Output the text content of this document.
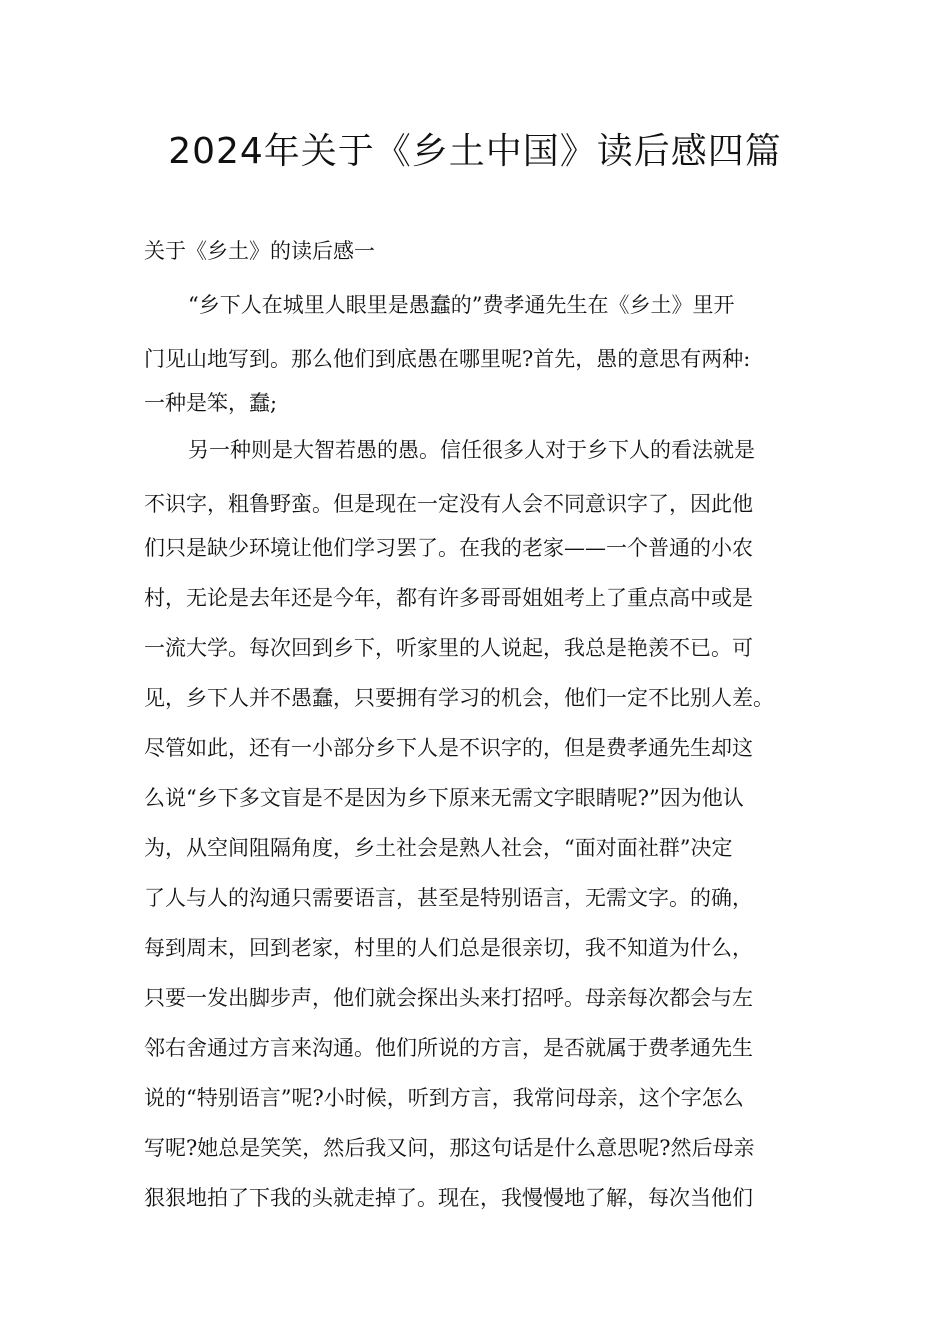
2024年关于《乡土中国》读后感四篇
关于《乡土》的读后感一
“乡下人在城里人眼里是愚蠢的”费孝通先生在《乡土》里开
门见山地写到。那么他们到底愚在哪里呢?首先，愚的意思有两种:
一种是笨，蠢;
另一种则是大智若愚的愚。信任很多人对于乡下人的看法就是
不识字，粗鲁野蛮。但是现在一定没有人会不同意识字了，因此他
们只是缺少环境让他们学习罢了。在我的老家——一个普通的小农
村，无论是去年还是今年，都有许多哥哥姐姐考上了重点高中或是
一流大学。每次回到乡下，听家里的人说起，我总是艳羡不已。可
见，乡下人并不愚蠢，只要拥有学习的机会，他们一定不比别人差。
尽管如此，还有一小部分乡下人是不识字的，但是费孝通先生却这
么说“乡下多文盲是不是因为乡下原来无需文字眼睛呢?”因为他认
为，从空间阻隔角度，乡土社会是熟人社会，“面对面社群”决定
了人与人的沟通只需要语言，甚至是特别语言，无需文字。的确，
每到周末，回到老家，村里的人们总是很亲切，我不知道为什么，
只要一发出脚步声，他们就会探出头来打招呼。母亲每次都会与左
邻右舍通过方言来沟通。他们所说的方言，是否就属于费孝通先生
说的“特别语言”呢?小时候，听到方言，我常问母亲，这个字怎么
写呢?她总是笑笑，然后我又问，那这句话是什么意思呢?然后母亲
狠狠地拍了下我的头就走掉了。现在，我慢慢地了解，每次当他们
